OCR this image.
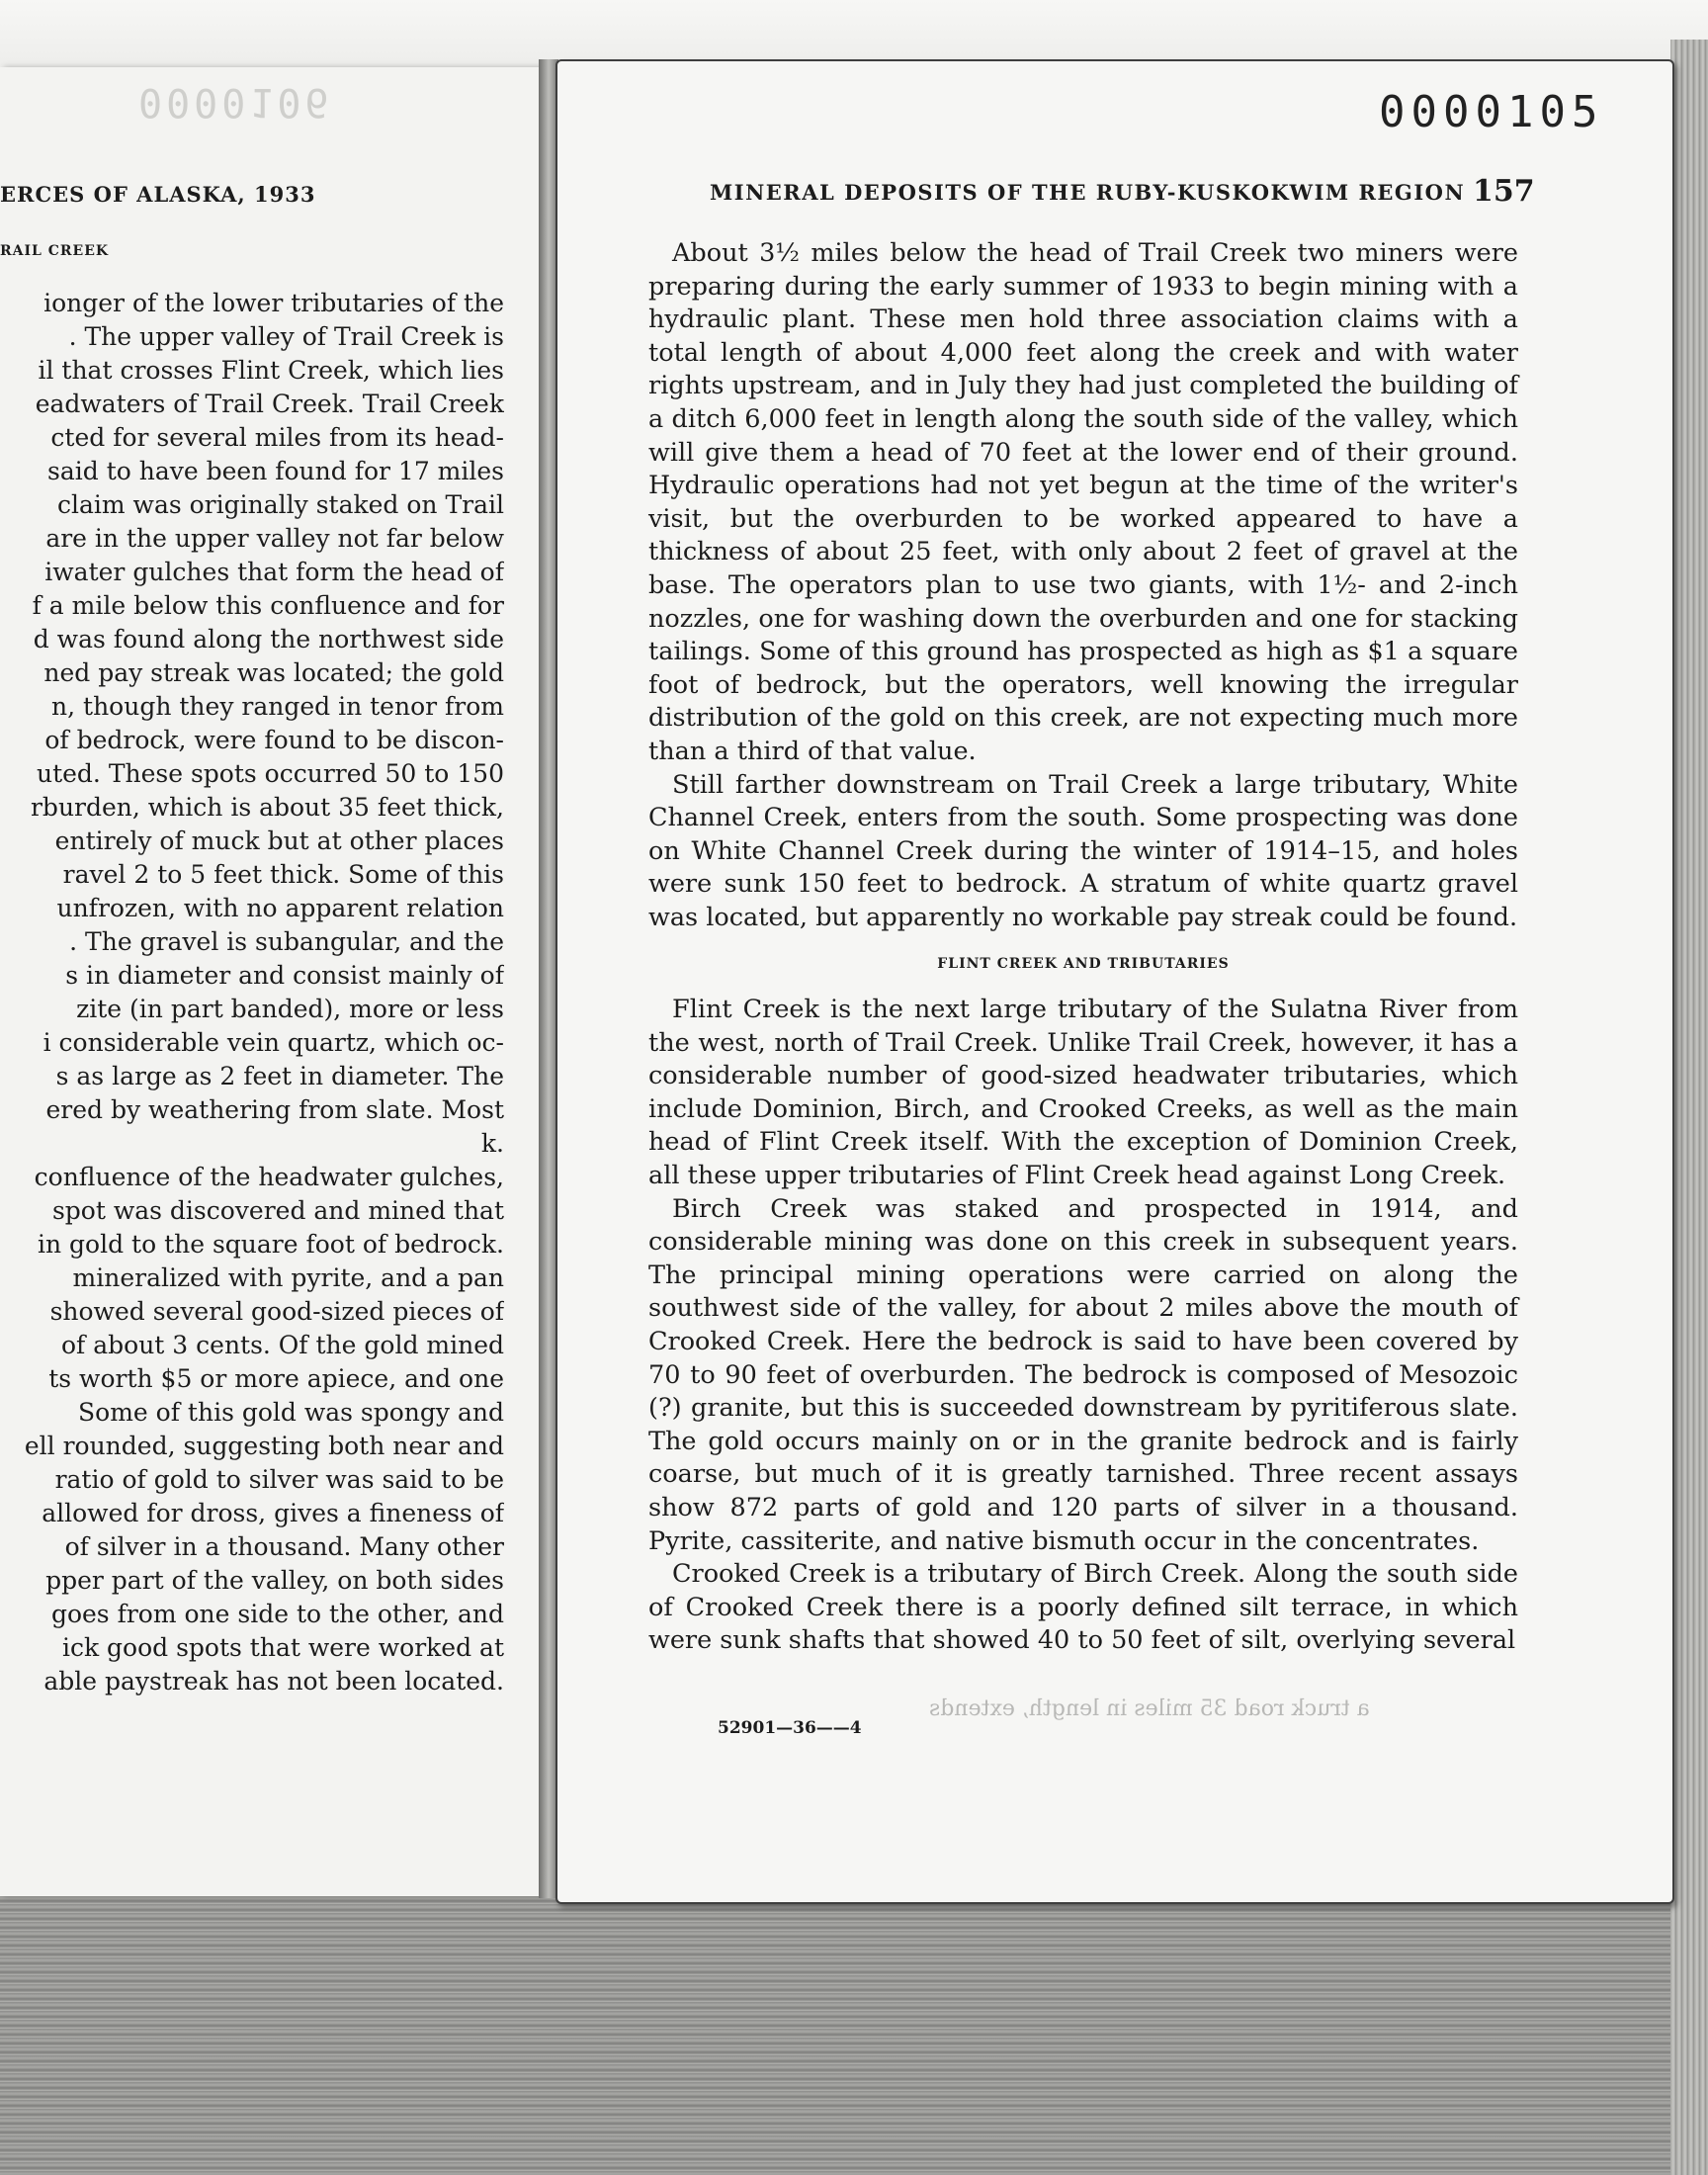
0000106
ERCES OF ALASKA, 1933
RAIL CREEK
ionger of the lower tributaries of the
. The upper valley of Trail Creek is
il that crosses Flint Creek, which lies
eadwaters of Trail Creek. Trail Creek
cted for several miles from its head-
said to have been found for 17 miles
claim was originally staked on Trail
are in the upper valley not far below
iwater gulches that form the head of
f a mile below this confluence and for
d was found along the northwest side
ned pay streak was located; the gold
n, though they ranged in tenor from
of bedrock, were found to be discon-
uted. These spots occurred 50 to 150
rburden, which is about 35 feet thick,
entirely of muck but at other places
ravel 2 to 5 feet thick. Some of this
unfrozen, with no apparent relation
. The gravel is subangular, and the
s in diameter and consist mainly of
zite (in part banded), more or less
i considerable vein quartz, which oc-
s as large as 2 feet in diameter. The
ered by weathering from slate. Most
k.
confluence of the headwater gulches,
spot was discovered and mined that
in gold to the square foot of bedrock.
mineralized with pyrite, and a pan
showed several good-sized pieces of
of about 3 cents. Of the gold mined
ts worth $5 or more apiece, and one
Some of this gold was spongy and
ell rounded, suggesting both near and
ratio of gold to silver was said to be
allowed for dross, gives a fineness of
of silver in a thousand. Many other
pper part of the valley, on both sides
goes from one side to the other, and
ick good spots that were worked at
able paystreak has not been located.
0000105
MINERAL DEPOSITS OF THE RUBY-KUSKOKWIM REGION 157

About 3½ miles below the head of Trail Creek two miners were preparing during the early summer of 1933 to begin mining with a hydraulic plant. These men hold three association claims with a total length of about 4,000 feet along the creek and with water rights upstream, and in July they had just completed the building of a ditch 6,000 feet in length along the south side of the valley, which will give them a head of 70 feet at the lower end of their ground. Hydraulic operations had not yet begun at the time of the writer's visit, but the overburden to be worked appeared to have a thickness of about 25 feet, with only about 2 feet of gravel at the base. The operators plan to use two giants, with 1½- and 2-inch nozzles, one for washing down the overburden and one for stacking tailings. Some of this ground has prospected as high as $1 a square foot of bedrock, but the operators, well knowing the irregular distribution of the gold on this creek, are not expecting much more than a third of that value.

Still farther downstream on Trail Creek a large tributary, White Channel Creek, enters from the south. Some prospecting was done on White Channel Creek during the winter of 1914–15, and holes were sunk 150 feet to bedrock. A stratum of white quartz gravel was located, but apparently no workable pay streak could be found.

FLINT CREEK AND TRIBUTARIES

Flint Creek is the next large tributary of the Sulatna River from the west, north of Trail Creek. Unlike Trail Creek, however, it has a considerable number of good-sized headwater tributaries, which include Dominion, Birch, and Crooked Creeks, as well as the main head of Flint Creek itself. With the exception of Dominion Creek, all these upper tributaries of Flint Creek head against Long Creek.

Birch Creek was staked and prospected in 1914, and considerable mining was done on this creek in subsequent years. The principal mining operations were carried on along the southwest side of the valley, for about 2 miles above the mouth of Crooked Creek. Here the bedrock is said to have been covered by 70 to 90 feet of overburden. The bedrock is composed of Mesozoic (?) granite, but this is succeeded downstream by pyritiferous slate. The gold occurs mainly on or in the granite bedrock and is fairly coarse, but much of it is greatly tarnished. Three recent assays show 872 parts of gold and 120 parts of silver in a thousand. Pyrite, cassiterite, and native bismuth occur in the concentrates.

Crooked Creek is a tributary of Birch Creek. Along the south side of Crooked Creek there is a poorly defined silt terrace, in which were sunk shafts that showed 40 to 50 feet of silt, overlying several

a truck road 35 miles in length, extends
52901—36——4
